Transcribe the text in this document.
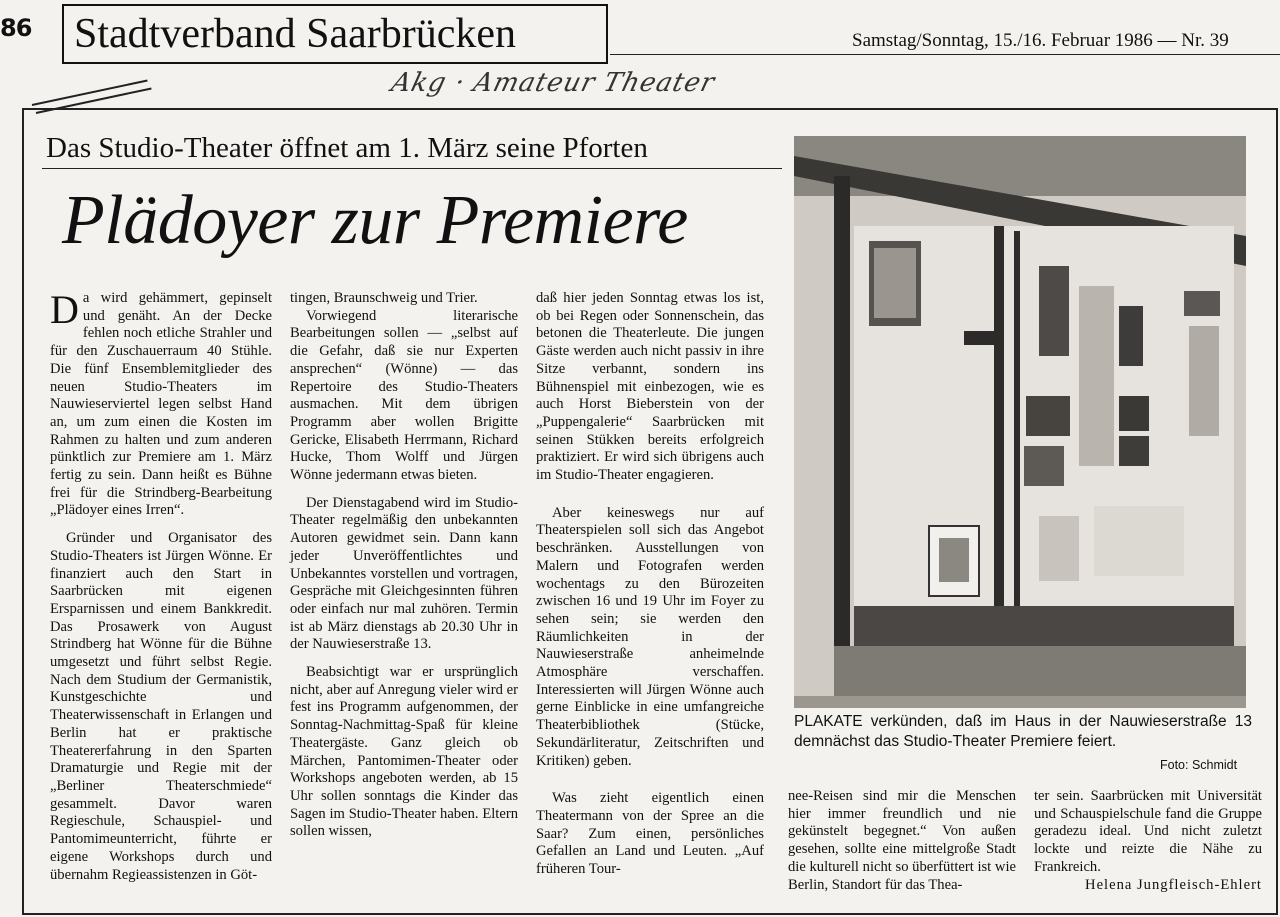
86 Stadtverband Saarbrücken	Samstag/Sonntag, 15./16. Februar 1986 — Nr. 39
Akg · Amateur Theater
Das Studio-Theater öffnet am 1. März seine Pforten
Plädoyer zur Premiere

Da wird gehämmert, gepinselt und genäht. An der Decke fehlen noch etliche Strahler und für den Zuschauerraum 40 Stühle. Die fünf Ensemblemitglieder des neuen Studio-Theaters im Nauwieserviertel legen selbst Hand an, um zum einen die Kosten im Rahmen zu halten und zum anderen pünktlich zur Premiere am 1. März fertig zu sein. Dann heißt es Bühne frei für die Strindberg-Bearbeitung „Plädoyer eines Irren“.

Gründer und Organisator des Studio-Theaters ist Jürgen Wönne. Er finanziert auch den Start in Saarbrücken mit eigenen Ersparnissen und einem Bankkredit. Das Prosawerk von August Strindberg hat Wönne für die Bühne umgesetzt und führt selbst Regie. Nach dem Studium der Germanistik, Kunstgeschichte und Theaterwissenschaft in Erlangen und Berlin hat er praktische Theatererfahrung in den Sparten Dramaturgie und Regie mit der „Berliner Theaterschmiede“ gesammelt. Davor waren Regieschule, Schauspiel- und Pantomimeunterricht, führte er eigene Workshops durch und übernahm Regieassistenzen in Göt-

tingen, Braunschweig und Trier.

Vorwiegend literarische Bearbeitungen sollen — „selbst auf die Gefahr, daß sie nur Experten ansprechen“ (Wönne) — das Repertoire des Studio-Theaters ausmachen. Mit dem übrigen Programm aber wollen Brigitte Gericke, Elisabeth Herrmann, Richard Hucke, Thom Wolff und Jürgen Wönne jedermann etwas bieten.

Der Dienstagabend wird im Studio-Theater regelmäßig den unbekannten Autoren gewidmet sein. Dann kann jeder Unveröffentlichtes und Unbekanntes vorstellen und vortragen, Gespräche mit Gleichgesinnten führen oder einfach nur mal zuhören. Termin ist ab März dienstags ab 20.30 Uhr in der Nauwieserstraße 13.

Beabsichtigt war er ursprünglich nicht, aber auf Anregung vieler wird er fest ins Programm aufgenommen, der Sonntag-Nachmittag-Spaß für kleine Theatergäste. Ganz gleich ob Märchen, Pantomimen-Theater oder Workshops angeboten werden, ab 15 Uhr sollen sonntags die Kinder das Sagen im Studio-Theater haben. Eltern sollen wissen,

daß hier jeden Sonntag etwas los ist, ob bei Regen oder Sonnenschein, das betonen die Theaterleute. Die jungen Gäste werden auch nicht passiv in ihre Sitze verbannt, sondern ins Bühnenspiel mit einbezogen, wie es auch Horst Bieberstein von der „Puppengalerie“ Saarbrücken mit seinen Stükken bereits erfolgreich praktiziert. Er wird sich übrigens auch im Studio-Theater engagieren.

Aber keineswegs nur auf Theaterspielen soll sich das Angebot beschränken. Ausstellungen von Malern und Fotografen werden wochentags zu den Bürozeiten zwischen 16 und 19 Uhr im Foyer zu sehen sein; sie werden den Räumlichkeiten in der Nauwieserstraße anheimelnde Atmosphäre verschaffen. Interessierten will Jürgen Wönne auch gerne Einblicke in eine umfangreiche Theaterbibliothek (Stücke, Sekundärliteratur, Zeitschriften und Kritiken) geben.

Was zieht eigentlich einen Theatermann von der Spree an die Saar? Zum einen, persönliches Gefallen an Land und Leuten. „Auf früheren Tour-

PLAKATE verkünden, daß im Haus in der Nauwieserstraße 13 demnächst das Studio-Theater Premiere feiert.
Foto: Schmidt

nee-Reisen sind mir die Menschen hier immer freundlich und nie gekünstelt begegnet.“ Von außen gesehen, sollte eine mittelgroße Stadt die kulturell nicht so überfüttert ist wie Berlin, Standort für das Thea-

ter sein. Saarbrücken mit Universität und Schauspielschule fand die Gruppe geradezu ideal. Und nicht zuletzt lockte und reizte die Nähe zu Frankreich.

Helena Jungfleisch-Ehlert
